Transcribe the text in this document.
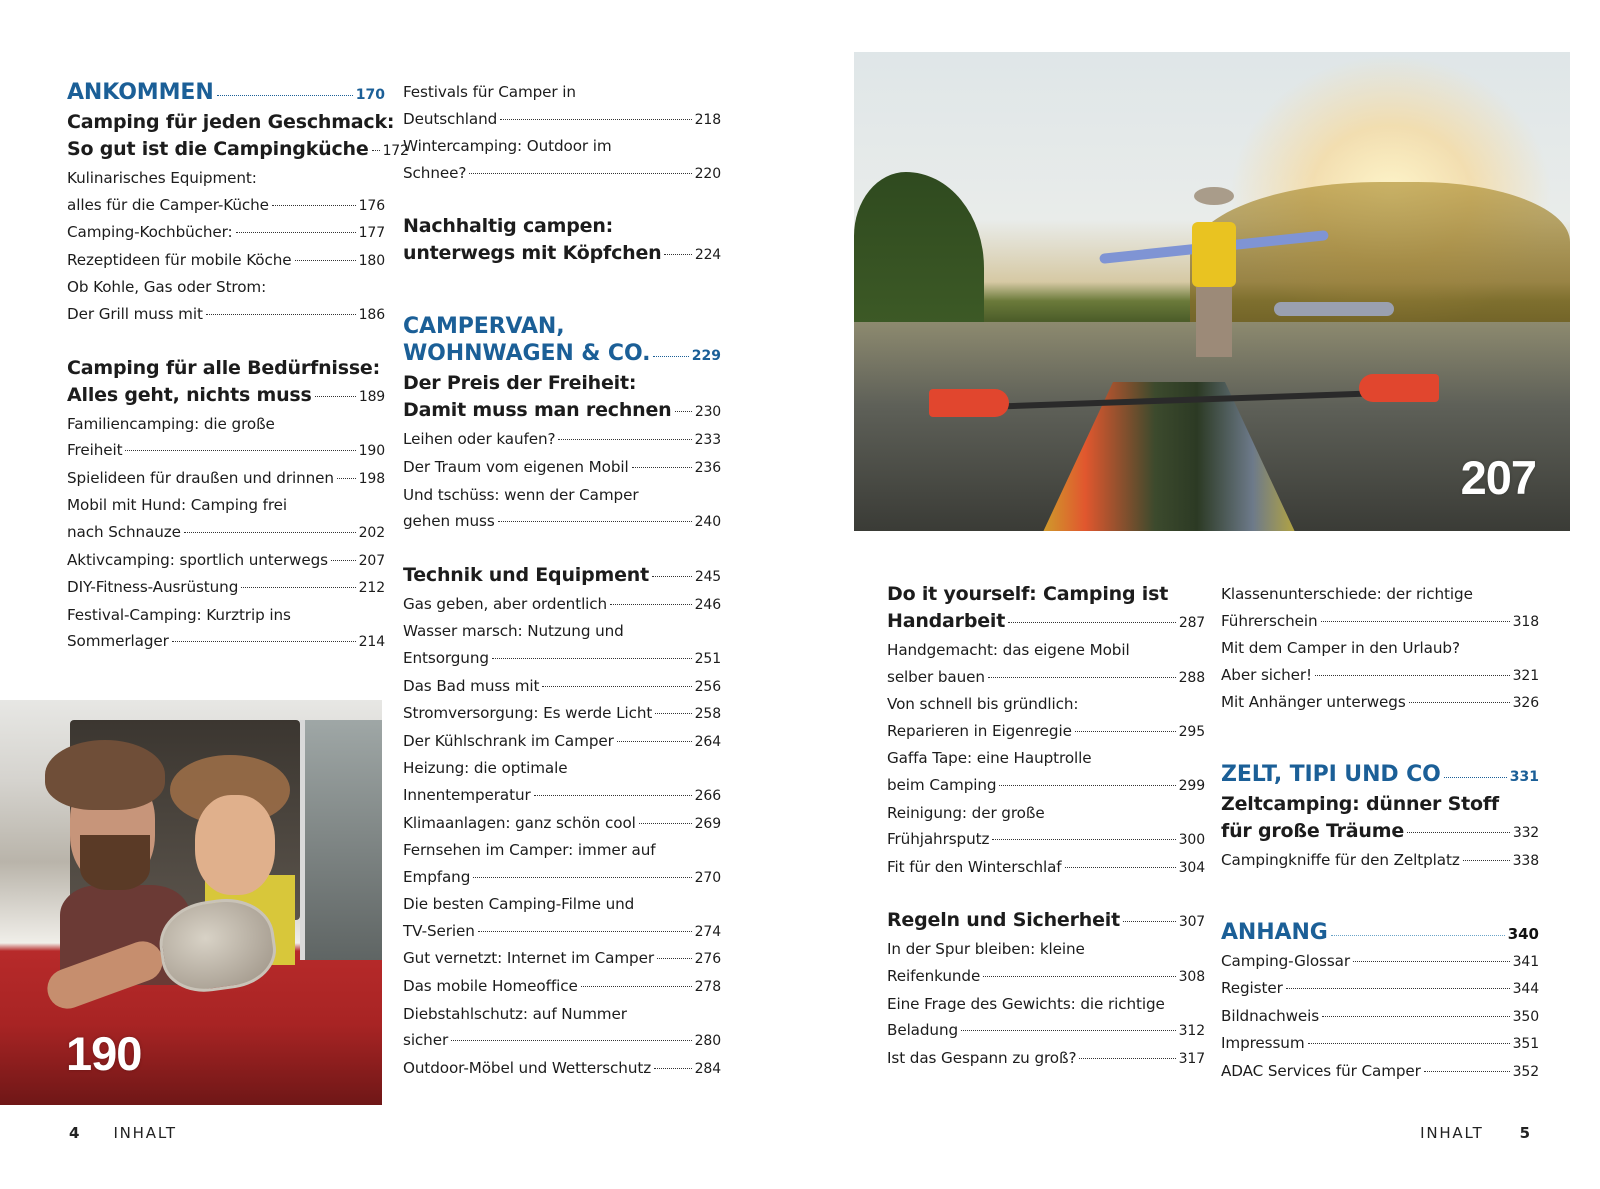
ANKOMMEN	170
Camping für jeden Geschmack:
So gut ist die Campingküche 172
Kulinarisches Equipment:
alles für die Camper-Küche	176
Camping-Kochbücher:	177
Rezeptideen für mobile Köche	180
Ob Kohle, Gas oder Strom:
Der Grill muss mit	186
Camping für alle Bedürfnisse:
Alles geht, nichts muss	189
Familiencamping: die große
Freiheit	190
Spielideen für draußen und drinnen 198
Mobil mit Hund: Camping frei
nach Schnauze	202
Aktivcamping: sportlich unterwegs 207
DIY-Fitness-Ausrüstung	212
Festival-Camping: Kurztrip ins
Sommerlager	214
190
Festivals für Camper in
Deutschland	218
Wintercamping: Outdoor im
Schnee?	220
Nachhaltig campen:
unterwegs mit Köpfchen 224
CAMPERVAN,
WOHNWAGEN & CO.	229
Der Preis der Freiheit:
Damit muss man rechnen 230
Leihen oder kaufen?	233
Der Traum vom eigenen Mobil	236
Und tschüss: wenn der Camper
gehen muss	240
Technik und Equipment	245
Gas geben, aber ordentlich	246
Wasser marsch: Nutzung und
Entsorgung	251
Das Bad muss mit	256
Stromversorgung: Es werde Licht	258
Der Kühlschrank im Camper	264
Heizung: die optimale
Innentemperatur	266
Klimaanlagen: ganz schön cool	269
Fernsehen im Camper: immer auf
Empfang	270
Die besten Camping-Filme und
TV-Serien	274
Gut vernetzt: Internet im Camper	276
Das mobile Homeoffice	278
Diebstahlschutz: auf Nummer
sicher	280
Outdoor-Möbel und Wetterschutz	284
4 INHALT
207
Do it yourself: Camping ist
Handarbeit	287
Handgemacht: das eigene Mobil
selber bauen	288
Von schnell bis gründlich:
Reparieren in Eigenregie	295
Gaffa Tape: eine Hauptrolle
beim Camping	299
Reinigung: der große
Frühjahrsputz	300
Fit für den Winterschlaf	304
Regeln und Sicherheit	307
In der Spur bleiben: kleine
Reifenkunde	308
Eine Frage des Gewichts: die richtige
Beladung	312
Ist das Gespann zu groß?	317
Klassenunterschiede: der richtige
Führerschein	318
Mit dem Camper in den Urlaub?
Aber sicher!	321
Mit Anhänger unterwegs	326
ZELT, TIPI UND CO	331
Zeltcamping: dünner Stoff
für große Träume	332
Campingkniffe für den Zeltplatz	338
ANHANG	340
Camping-Glossar	341
Register	344
Bildnachweis	350
Impressum	351
ADAC Services für Camper	352
INHALT 5
